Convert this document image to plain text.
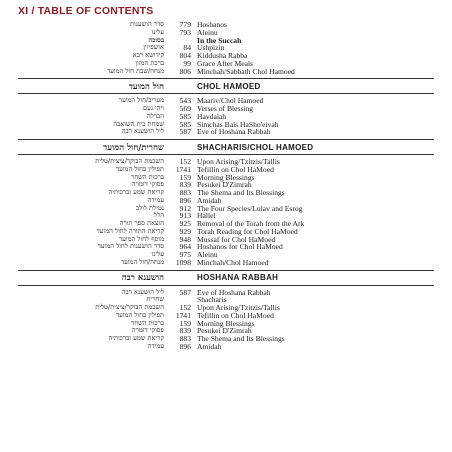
XI / TABLE OF CONTENTS
סדר הושענות	779 Hoshanos
עלינו	793 Aleinu
בסוכה	In the Succah
אושפיזין	84 Ushpizin
קידושא רבא	804 Kiddusha Rabba
ברכת המזון	99 Grace After Meals
מנחה/שבת חול המועד	806 Minchah/Sabbath Chol Hamoed
חול המועד	CHOL HAMOED
מעריב/חול המועד	543 Maariv/Chol Hamoed
ויהי נעם	569 Verses of Blessing
הבדלה	585 Havdalah
שמחת בית השואבה	585 Simchas Bais HaSho'eivah
ליל הושענא רבה	587 Eve of Hoshana Rabbah
שחרית/חול המועד	SHACHARIS/CHOL HAMOED
השכמת הבוקר/ציצית/טלית	152 Upon Arising/Tzitzis/Tallis
תפילין בחול המועד	1741 Tefillin on Chol HaMoed
ברכות השחר	159 Morning Blessings
פסוקי דזמרה	839 Pesukei D'Zimrah
קריאת שמע וברכותיה	883 The Shema and Its Blessings
עמידה	896 Amidah
נטילת לולב	912 The Four Species/Lulav and Esrog
הלל	913 Hallel
הוצאת ספר תורה	925 Removal of the Torah from the Ark
קריאת התורה לחול המועד	929 Torah Reading for Chol HaMoed
מוסף לחול המועד	948 Mussaf for Chol HaMoed
סדר הושענות לחול המועד	964 Hoshanos for Chol HaMoed
עלינו	975 Aleinu
מנחה/חול המועד	1098 Minchah/Chol Hamoed
הושענא רבה	HOSHANA RABBAH
ליל הושענא רבה	587 Eve of Hoshana Rabbah
שחרית	Shacharis
השכמת הבוקר/ציצית/טלית	152 Upon Arising/Tzitzis/Tallis
תפילין בחול המועד	1741 Tefillin on Chol HaMoed
ברכות השחר	159 Morning Blessings
פסוקי דזמרה	839 Pesukei D'Zimrah
קריאת שמע וברכותיה	883 The Shema and Its Blessings
עמידה	896 Amidah
